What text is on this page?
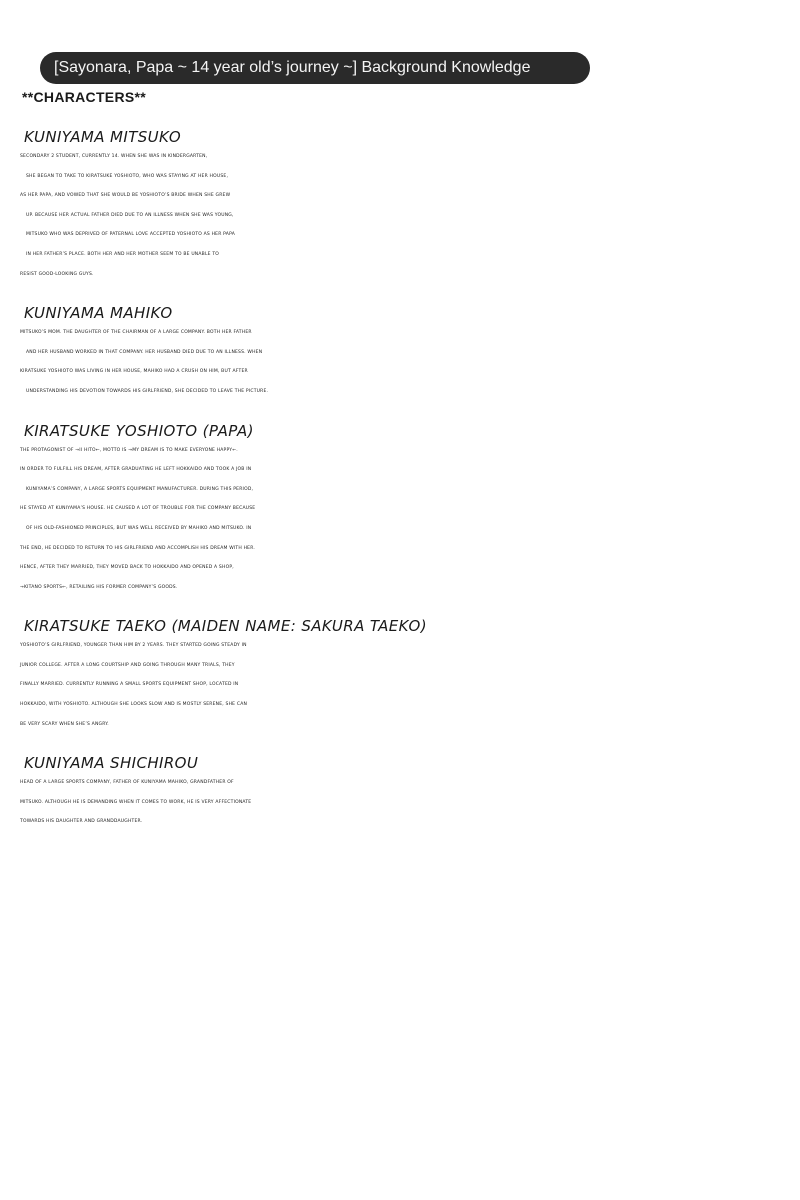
[Sayonara, Papa ~ 14 year old’s journey ~] Background Knowledge
**CHARACTERS**
KUNIYAMA MITSUKO
SECONDARY 2 STUDENT, CURRENTLY 14. WHEN SHE WAS IN KINDERGARTEN,
SHE BEGAN TO TAKE TO KIRATSUKE YOSHIOTO, WHO WAS STAYING AT HER HOUSE,
AS HER PAPA, AND VOWED THAT SHE WOULD BE YOSHIOTO’S BRIDE WHEN SHE GREW
UP. BECAUSE HER ACTUAL FATHER DIED DUE TO AN ILLNESS WHEN SHE WAS YOUNG,
MITSUKO WHO WAS DEPRIVED OF PATERNAL LOVE ACCEPTED YOSHIOTO AS HER PAPA
IN HER FATHER’S PLACE. BOTH HER AND HER MOTHER SEEM TO BE UNABLE TO
RESIST GOOD-LOOKING GUYS.
KUNIYAMA MAHIKO
MITSUKO’S MOM. THE DAUGHTER OF THE CHAIRMAN OF A LARGE COMPANY. BOTH HER FATHER
AND HER HUSBAND WORKED IN THAT COMPANY. HER HUSBAND DIED DUE TO AN ILLNESS. WHEN
KIRATSUKE YOSHIOTO WAS LIVING IN HER HOUSE, MAHIKO HAD A CRUSH ON HIM, BUT AFTER
UNDERSTANDING HIS DEVOTION TOWARDS HIS GIRLFRIEND, SHE DECIDED TO LEAVE THE PICTURE.
KIRATSUKE YOSHIOTO (PAPA)
THE PROTAGONIST OF →II HITO←, MOTTO IS →MY DREAM IS TO MAKE EVERYONE HAPPY←.
IN ORDER TO FULFILL HIS DREAM, AFTER GRADUATING HE LEFT HOKKAIDO AND TOOK A JOB IN
KUNIYAMA’S COMPANY, A LARGE SPORTS EQUIPMENT MANUFACTURER. DURING THIS PERIOD,
HE STAYED AT KUNIYAMA’S HOUSE. HE CAUSED A LOT OF TROUBLE FOR THE COMPANY BECAUSE
OF HIS OLD-FASHIONED PRINCIPLES, BUT WAS WELL RECEIVED BY MAHIKO AND MITSUKO. IN
THE END, HE DECIDED TO RETURN TO HIS GIRLFRIEND AND ACCOMPLISH HIS DREAM WITH HER.
HENCE, AFTER THEY MARRIED, THEY MOVED BACK TO HOKKAIDO AND OPENED A SHOP,
→KITANO SPORTS←, RETAILING HIS FORMER COMPANY’S GOODS.
KIRATSUKE TAEKO (MAIDEN NAME: SAKURA TAEKO)
YOSHIOTO’S GIRLFRIEND, YOUNGER THAN HIM BY 2 YEARS. THEY STARTED GOING STEADY IN
JUNIOR COLLEGE. AFTER A LONG COURTSHIP AND GOING THROUGH MANY TRIALS, THEY
FINALLY MARRIED. CURRENTLY RUNNING A SMALL SPORTS EQUIPMENT SHOP, LOCATED IN
HOKKAIDO, WITH YOSHIOTO. ALTHOUGH SHE LOOKS SLOW AND IS MOSTLY SERENE, SHE CAN
BE VERY SCARY WHEN SHE’S ANGRY.
KUNIYAMA SHICHIROU
HEAD OF A LARGE SPORTS COMPANY, FATHER OF KUNIYAMA MAHIKO, GRANDFATHER OF
MITSUKO. ALTHOUGH HE IS DEMANDING WHEN IT COMES TO WORK, HE IS VERY AFFECTIONATE
TOWARDS HIS DAUGHTER AND GRANDDAUGHTER.
